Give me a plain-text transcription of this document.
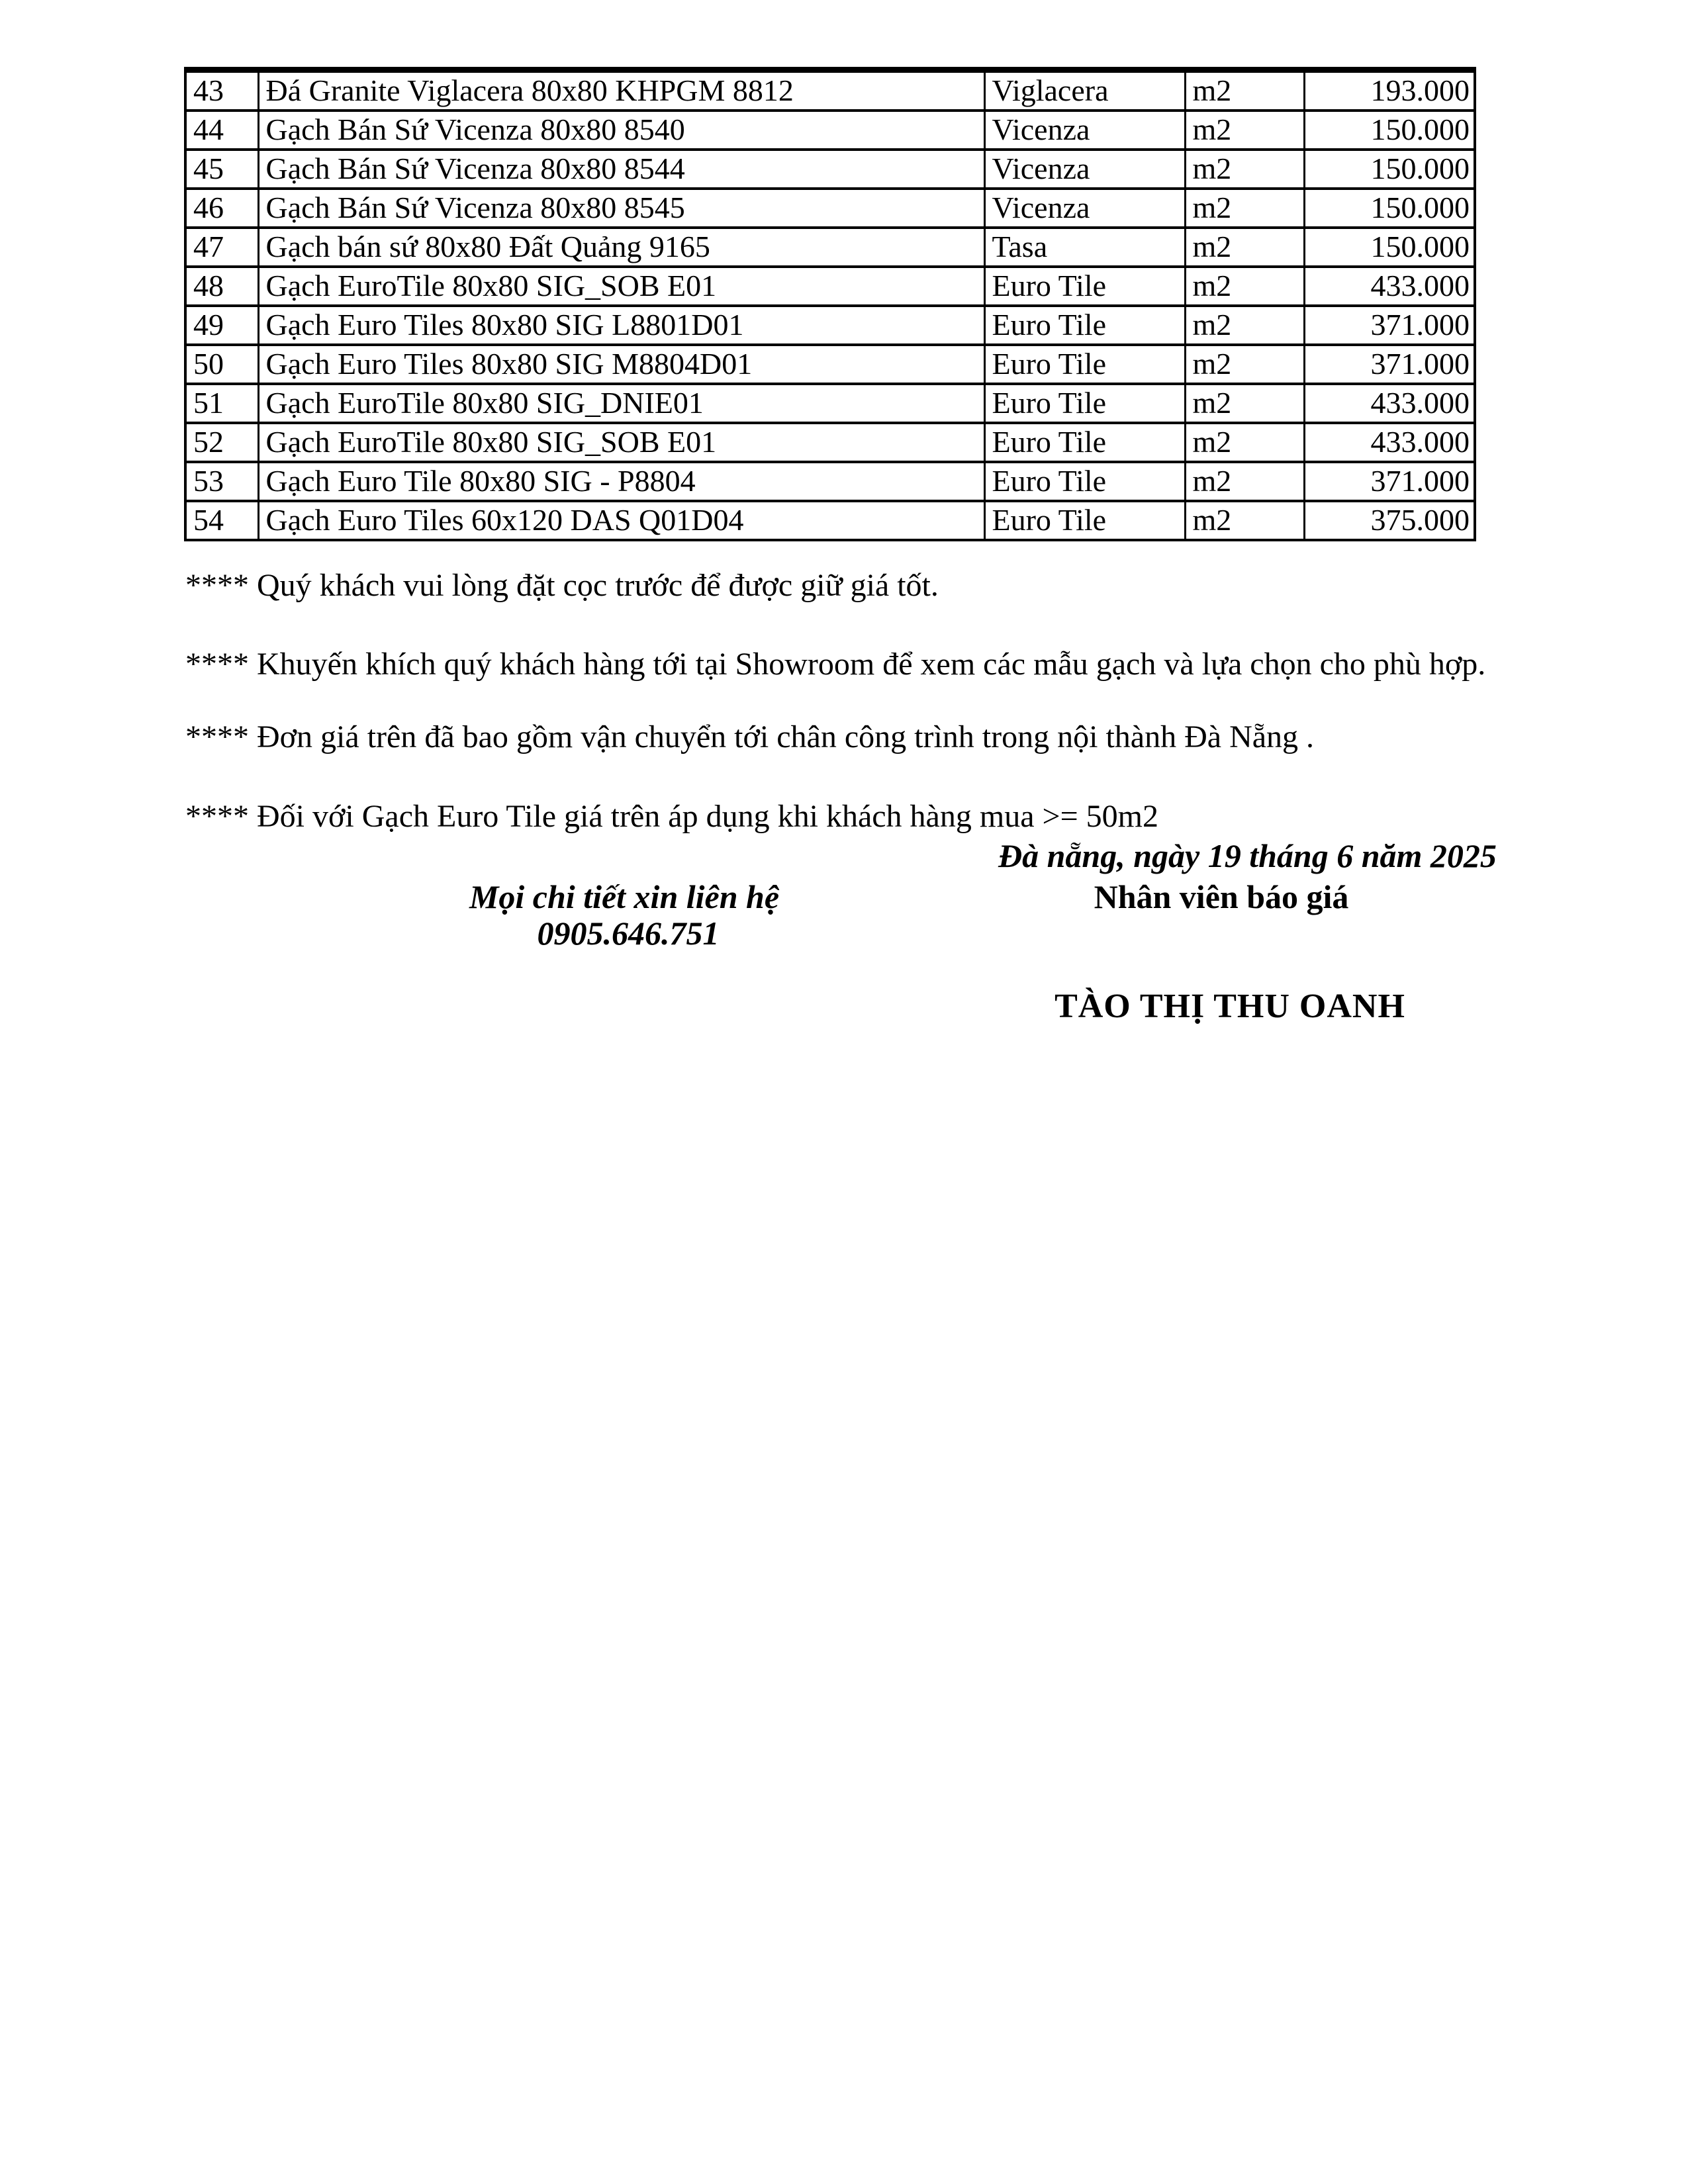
43	Đá Granite Viglacera 80x80 KHPGM 8812	Viglacera	m2	193.000
44	Gạch Bán Sứ Vicenza 80x80 8540	Vicenza	m2	150.000
45	Gạch Bán Sứ Vicenza 80x80 8544	Vicenza	m2	150.000
46	Gạch Bán Sứ Vicenza 80x80 8545	Vicenza	m2	150.000
47	Gạch bán sứ 80x80 Đất Quảng 9165	Tasa	m2	150.000
48	Gạch EuroTile 80x80 SIG_SOB E01	Euro Tile	m2	433.000
49	Gạch Euro Tiles 80x80 SIG L8801D01	Euro Tile	m2	371.000
50	Gạch Euro Tiles 80x80 SIG M8804D01	Euro Tile	m2	371.000
51	Gạch EuroTile 80x80 SIG_DNIE01	Euro Tile	m2	433.000
52	Gạch EuroTile 80x80 SIG_SOB E01	Euro Tile	m2	433.000
53	Gạch Euro Tile 80x80 SIG - P8804	Euro Tile	m2	371.000
54	Gạch Euro Tiles 60x120 DAS Q01D04	Euro Tile	m2	375.000
**** Quý khách vui lòng đặt cọc trước để được giữ giá tốt.
**** Khuyến khích quý khách hàng tới tại Showroom để xem các mẫu gạch và lựa chọn cho phù hợp.
**** Đơn giá trên đã bao gồm vận chuyển tới chân công trình trong nội thành Đà Nẵng .
**** Đối với Gạch Euro Tile giá trên áp dụng khi khách hàng mua >= 50m2
Đà nẵng, ngày 19 tháng 6 năm 2025
Mọi chi tiết xin liên hệ	Nhân viên báo giá
0905.646.751
TÀO THỊ THU OANH
